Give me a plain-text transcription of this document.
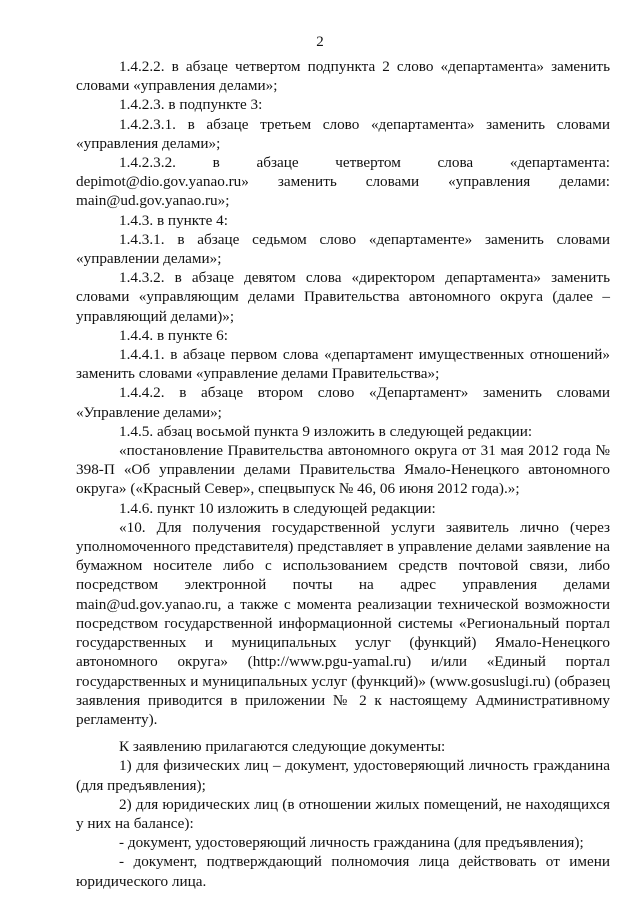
2

1.4.2.2. в абзаце четвертом подпункта 2 слово «департамента» заменить словами «управления делами»;

1.4.2.3. в подпункте 3:

1.4.2.3.1. в абзаце третьем слово «департамента» заменить словами «управления делами»;

1.4.2.3.2. в абзаце четвертом слова «департамента: depimot@dio.gov.yanao.ru» заменить словами «управления делами: main@ud.gov.yanao.ru»;

1.4.3. в пункте 4:

1.4.3.1. в абзаце седьмом слово «департаменте» заменить словами «управлении делами»;

1.4.3.2. в абзаце девятом слова «директором департамента» заменить словами «управляющим делами Правительства автономного округа (далее – управляющий делами)»;

1.4.4. в пункте 6:

1.4.4.1. в абзаце первом слова «департамент имущественных отношений» заменить словами «управление делами Правительства»;

1.4.4.2. в абзаце втором слово «Департамент» заменить словами «Управление делами»;

1.4.5. абзац восьмой пункта 9 изложить в следующей редакции:

«постановление Правительства автономного округа от 31 мая 2012 года № 398-П «Об управлении делами Правительства Ямало-Ненецкого автономного округа» («Красный Север», спецвыпуск № 46, 06 июня 2012 года).»;

1.4.6. пункт 10 изложить в следующей редакции:

«10. Для получения государственной услуги заявитель лично (через уполномоченного представителя) представляет в управление делами заявление на бумажном носителе либо с использованием средств почтовой связи, либо посредством электронной почты на адрес управления делами main@ud.gov.yanao.ru, а также с момента реализации технической возможности посредством государственной информационной системы «Региональный портал государственных и муниципальных услуг (функций) Ямало-Ненецкого автономного округа» (http://www.pgu-yamal.ru) и/или «Единый портал государственных и муниципальных услуг (функций)» (www.gosuslugi.ru) (образец заявления приводится в приложении № 2 к настоящему Административному регламенту).

К заявлению прилагаются следующие документы:

1) для физических лиц – документ, удостоверяющий личность гражданина (для предъявления);

2) для юридических лиц (в отношении жилых помещений, не находящихся у них на балансе):

- документ, удостоверяющий личность гражданина (для предъявления);

- документ, подтверждающий полномочия лица действовать от имени юридического лица.
